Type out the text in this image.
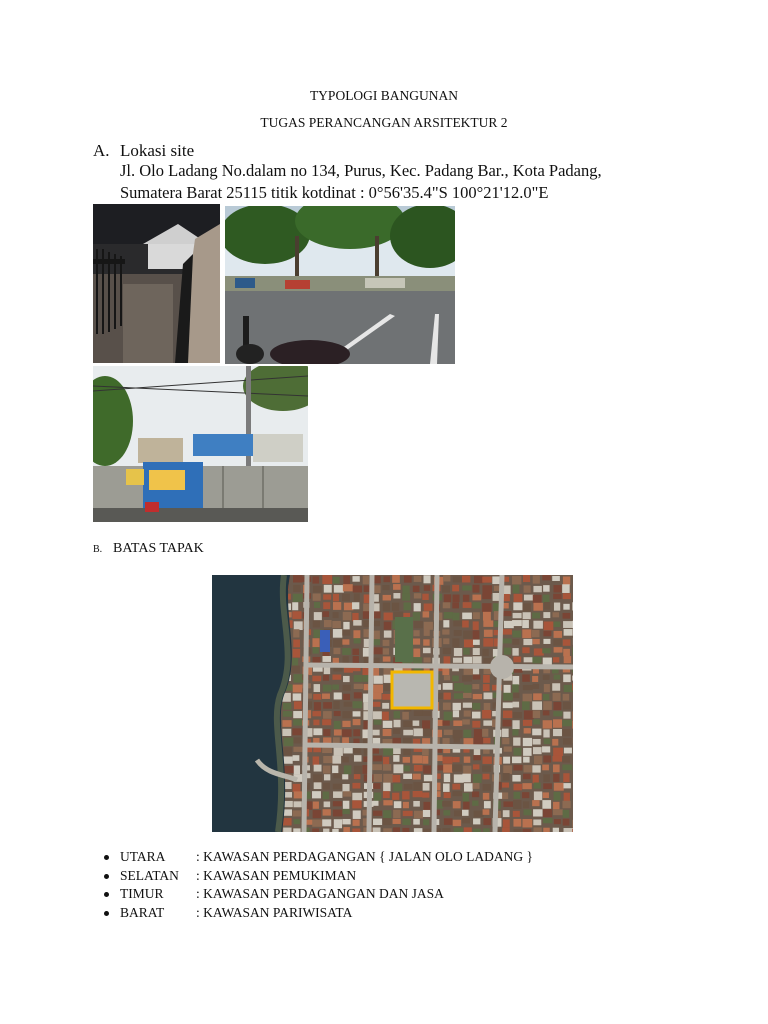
TYPOLOGI BANGUNAN
TUGAS PERANCANGAN ARSITEKTUR 2
A. Lokasi site
Jl. Olo Ladang No.dalam no 134, Purus, Kec. Padang Bar., Kota Padang,
Sumatera Barat 25115 titik kotdinat : 0°56'35.4"S 100°21'12.0"E
B. BATAS TAPAK
UTARA : KAWASAN PERDAGANGAN { JALAN OLO LADANG }
SELATAN : KAWASAN PEMUKIMAN
TIMUR : KAWASAN PERDAGANGAN DAN JASA
BARAT : KAWASAN PARIWISATA
